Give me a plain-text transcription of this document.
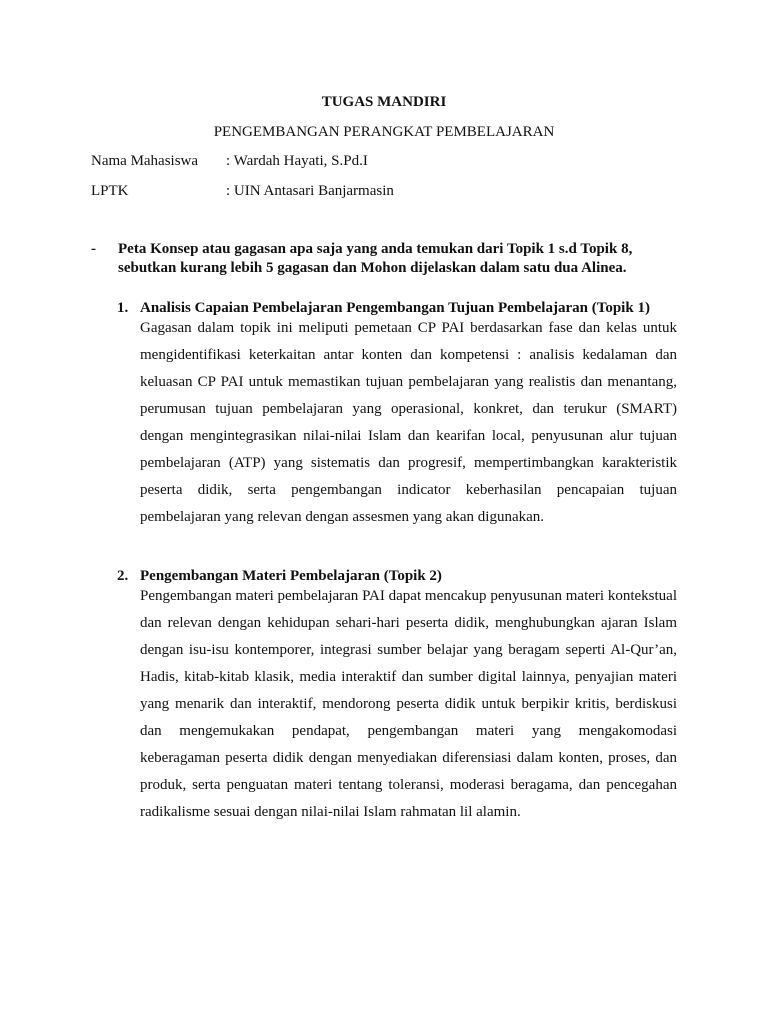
TUGAS MANDIRI
PENGEMBANGAN PERANGKAT PEMBELAJARAN
Nama Mahasiswa : Wardah Hayati, S.Pd.I
LPTK	: UIN Antasari Banjarmasin
- Peta Konsep atau gagasan apa saja yang anda temukan dari Topik 1 s.d Topik 8, sebutkan kurang lebih 5 gagasan dan Mohon dijelaskan dalam satu dua Alinea.
1. Analisis Capaian Pembelajaran Pengembangan Tujuan Pembelajaran (Topik 1)

Gagasan dalam topik ini meliputi pemetaan CP PAI berdasarkan fase dan kelas untuk mengidentifikasi keterkaitan antar konten dan kompetensi : analisis kedalaman dan keluasan CP PAI untuk memastikan tujuan pembelajaran yang realistis dan menantang, perumusan tujuan pembelajaran yang operasional, konkret, dan terukur (SMART) dengan mengintegrasikan nilai-nilai Islam dan kearifan local, penyusunan alur tujuan pembelajaran (ATP) yang sistematis dan progresif, mempertimbangkan karakteristik peserta didik, serta pengembangan indicator keberhasilan pencapaian tujuan pembelajaran yang relevan dengan assesmen yang akan digunakan.

2. Pengembangan Materi Pembelajaran (Topik 2)

Pengembangan materi pembelajaran PAI dapat mencakup penyusunan materi kontekstual dan relevan dengan kehidupan sehari-hari peserta didik, menghubungkan ajaran Islam dengan isu-isu kontemporer, integrasi sumber belajar yang beragam seperti Al-Qur’an, Hadis, kitab-kitab klasik, media interaktif dan sumber digital lainnya, penyajian materi yang menarik dan interaktif, mendorong peserta didik untuk berpikir kritis, berdiskusi dan mengemukakan pendapat, pengembangan materi yang mengakomodasi keberagaman peserta didik dengan menyediakan diferensiasi dalam konten, proses, dan produk, serta penguatan materi tentang toleransi, moderasi beragama, dan pencegahan radikalisme sesuai dengan nilai-nilai Islam rahmatan lil alamin.
